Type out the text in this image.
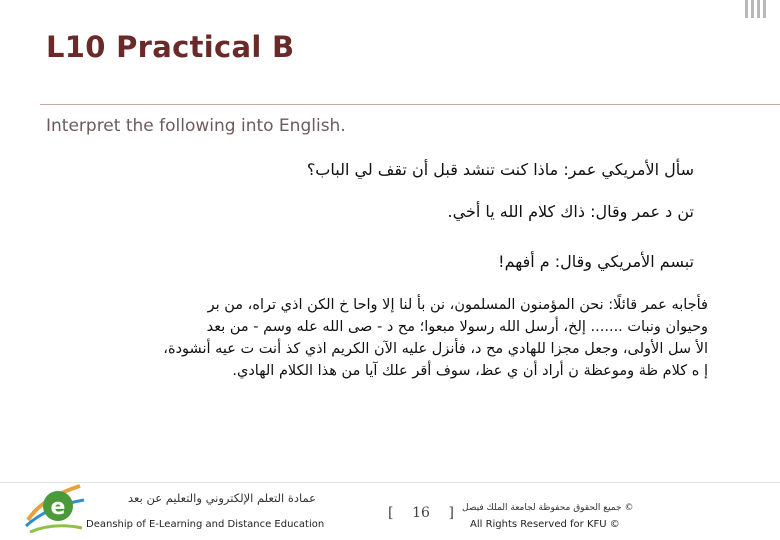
L10 Practical B
Interpret the following into English.
سأل الأمريكي عمر: ماذا كنت تنشد قبل أن تقف لي الباب؟
تن د عمر وقال: ذاك كلام الله يا أخي.
تبسم الأمريكي وقال: م أفهم!
فأجابه عمر قائلًا: نحن المؤمنون المسلمون، نن بأ لنا إلا واحا خ الكن اذي تراه، من بر
وحيوان ونبات ....... إلخ، أرسل الله رسولا مبعوا؛ مح د - صى الله عله وسم - من بعد
الأ سل الأولى، وجعل مجزا للهادي مح د، فأنزل عليه الآن الكريم اذي كذ أنت ت عيه أنشودة،
إ ه كلام ظة وموعظة ن أراد أن ي عظ، سوف أقر علك آيا من هذا الكلام الهادي.
e	عمادة التعلم الإلكتروني والتعليم عن بعد
Deanship of E-Learning and Distance Education
[ 16 ] جميع الحقوق محفوظة لجامعة الملك فيصل ©
All Rights Reserved for KFU ©
